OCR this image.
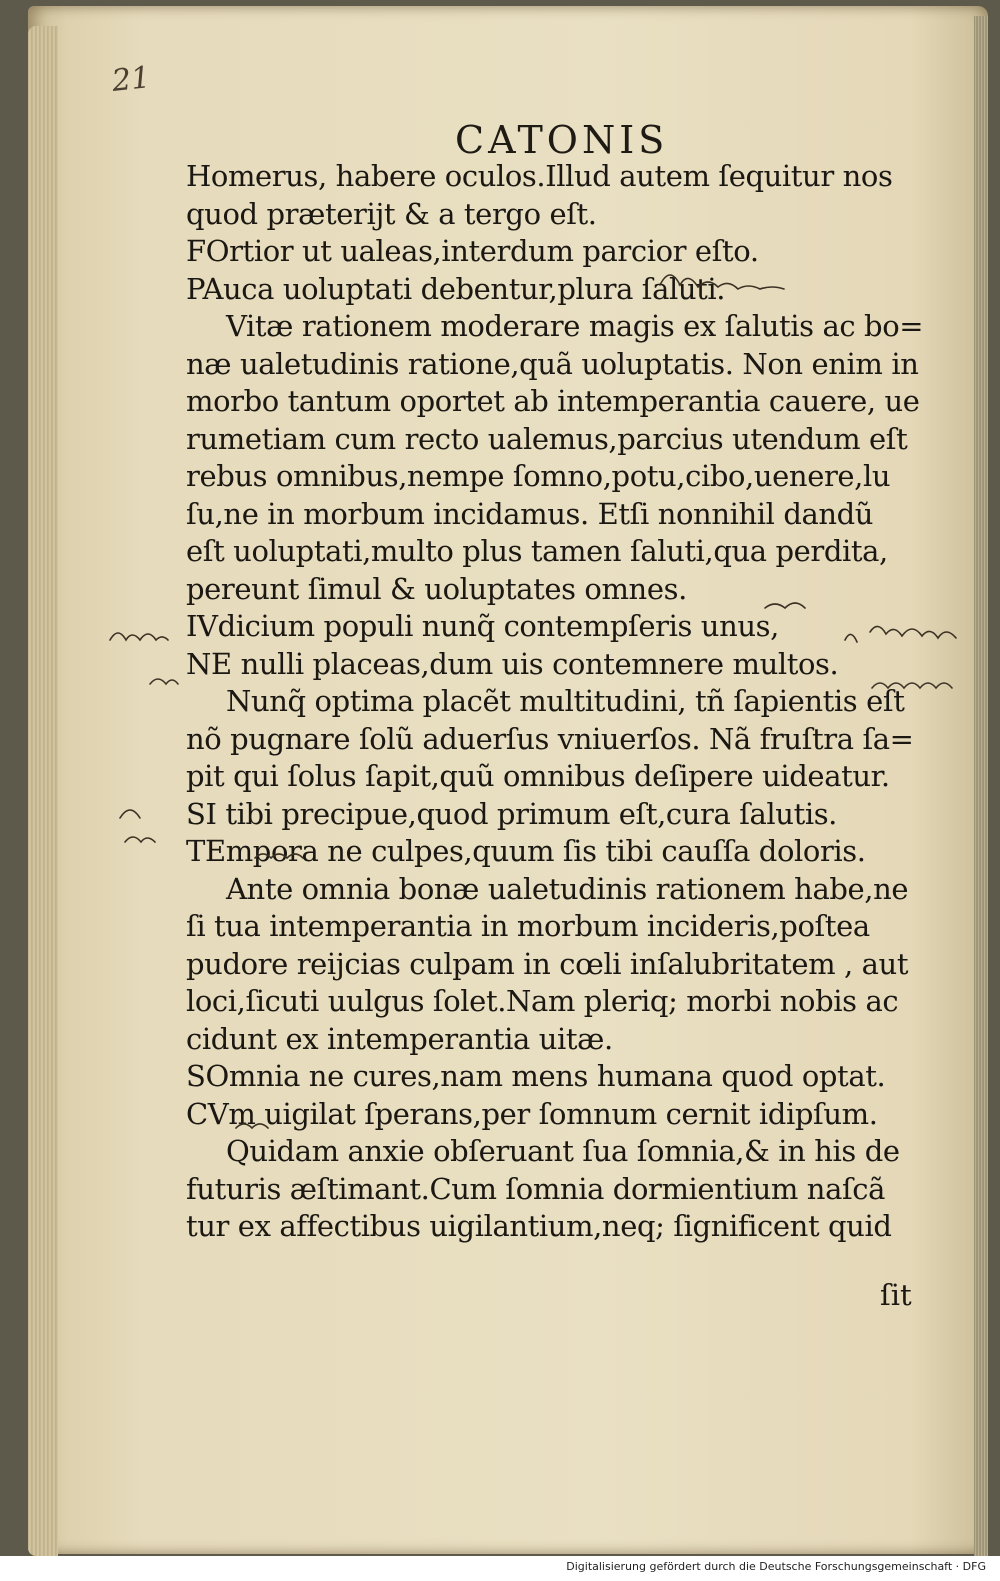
21
CATONIS
Homerus, habere oculos.Illud autem ſequitur nos
quod præterijt & a tergo eſt.
FOrtior ut ualeas,interdum parcior eſto.
PAuca uoluptati debentur,plura ſaluti.
Vitæ rationem moderare magis ex ſalutis ac bo=
næ ualetudinis ratione,quã uoluptatis. Non enim in
morbo tantum oportet ab intemperantia cauere, ue
rumetiam cum recto ualemus,parcius utendum eſt
rebus omnibus,nempe ſomno,potu,cibo,uenere,lu
ſu,ne in morbum incidamus. Etſi nonnihil dandũ
eſt uoluptati,multo plus tamen ſaluti,qua perdita,
pereunt ſimul & uoluptates omnes.
IVdicium populi nunq̃ contempſeris unus,
NE nulli placeas,dum uis contemnere multos.
Nunq̃ optima placẽt multitudini, tñ ſapientis eſt
nõ pugnare ſolũ aduerſus vniuerſos. Nã fruſtra ſa=
pit qui ſolus ſapit,quũ omnibus deſipere uideatur.
SI tibi precipue,quod primum eſt,cura ſalutis.
TEmpora ne culpes,quum ſis tibi cauſſa doloris.
Ante omnia bonæ ualetudinis rationem habe,ne
ſi tua intemperantia in morbum incideris,poſtea
pudore reijcias culpam in cœli inſalubritatem , aut
loci,ſicuti uulgus ſolet.Nam pleriq; morbi nobis ac
cidunt ex intemperantia uitæ.
SOmnia ne cures,nam mens humana quod optat.
CVm uigilat ſperans,per ſomnum cernit idipſum.
Quidam anxie obſeruant ſua ſomnia,& in his de
futuris æſtimant.Cum ſomnia dormientium naſcã
tur ex affectibus uigilantium,neq; ſignificent quid
ſit
Digitalisierung gefördert durch die Deutsche Forschungsgemeinschaft · DFG
